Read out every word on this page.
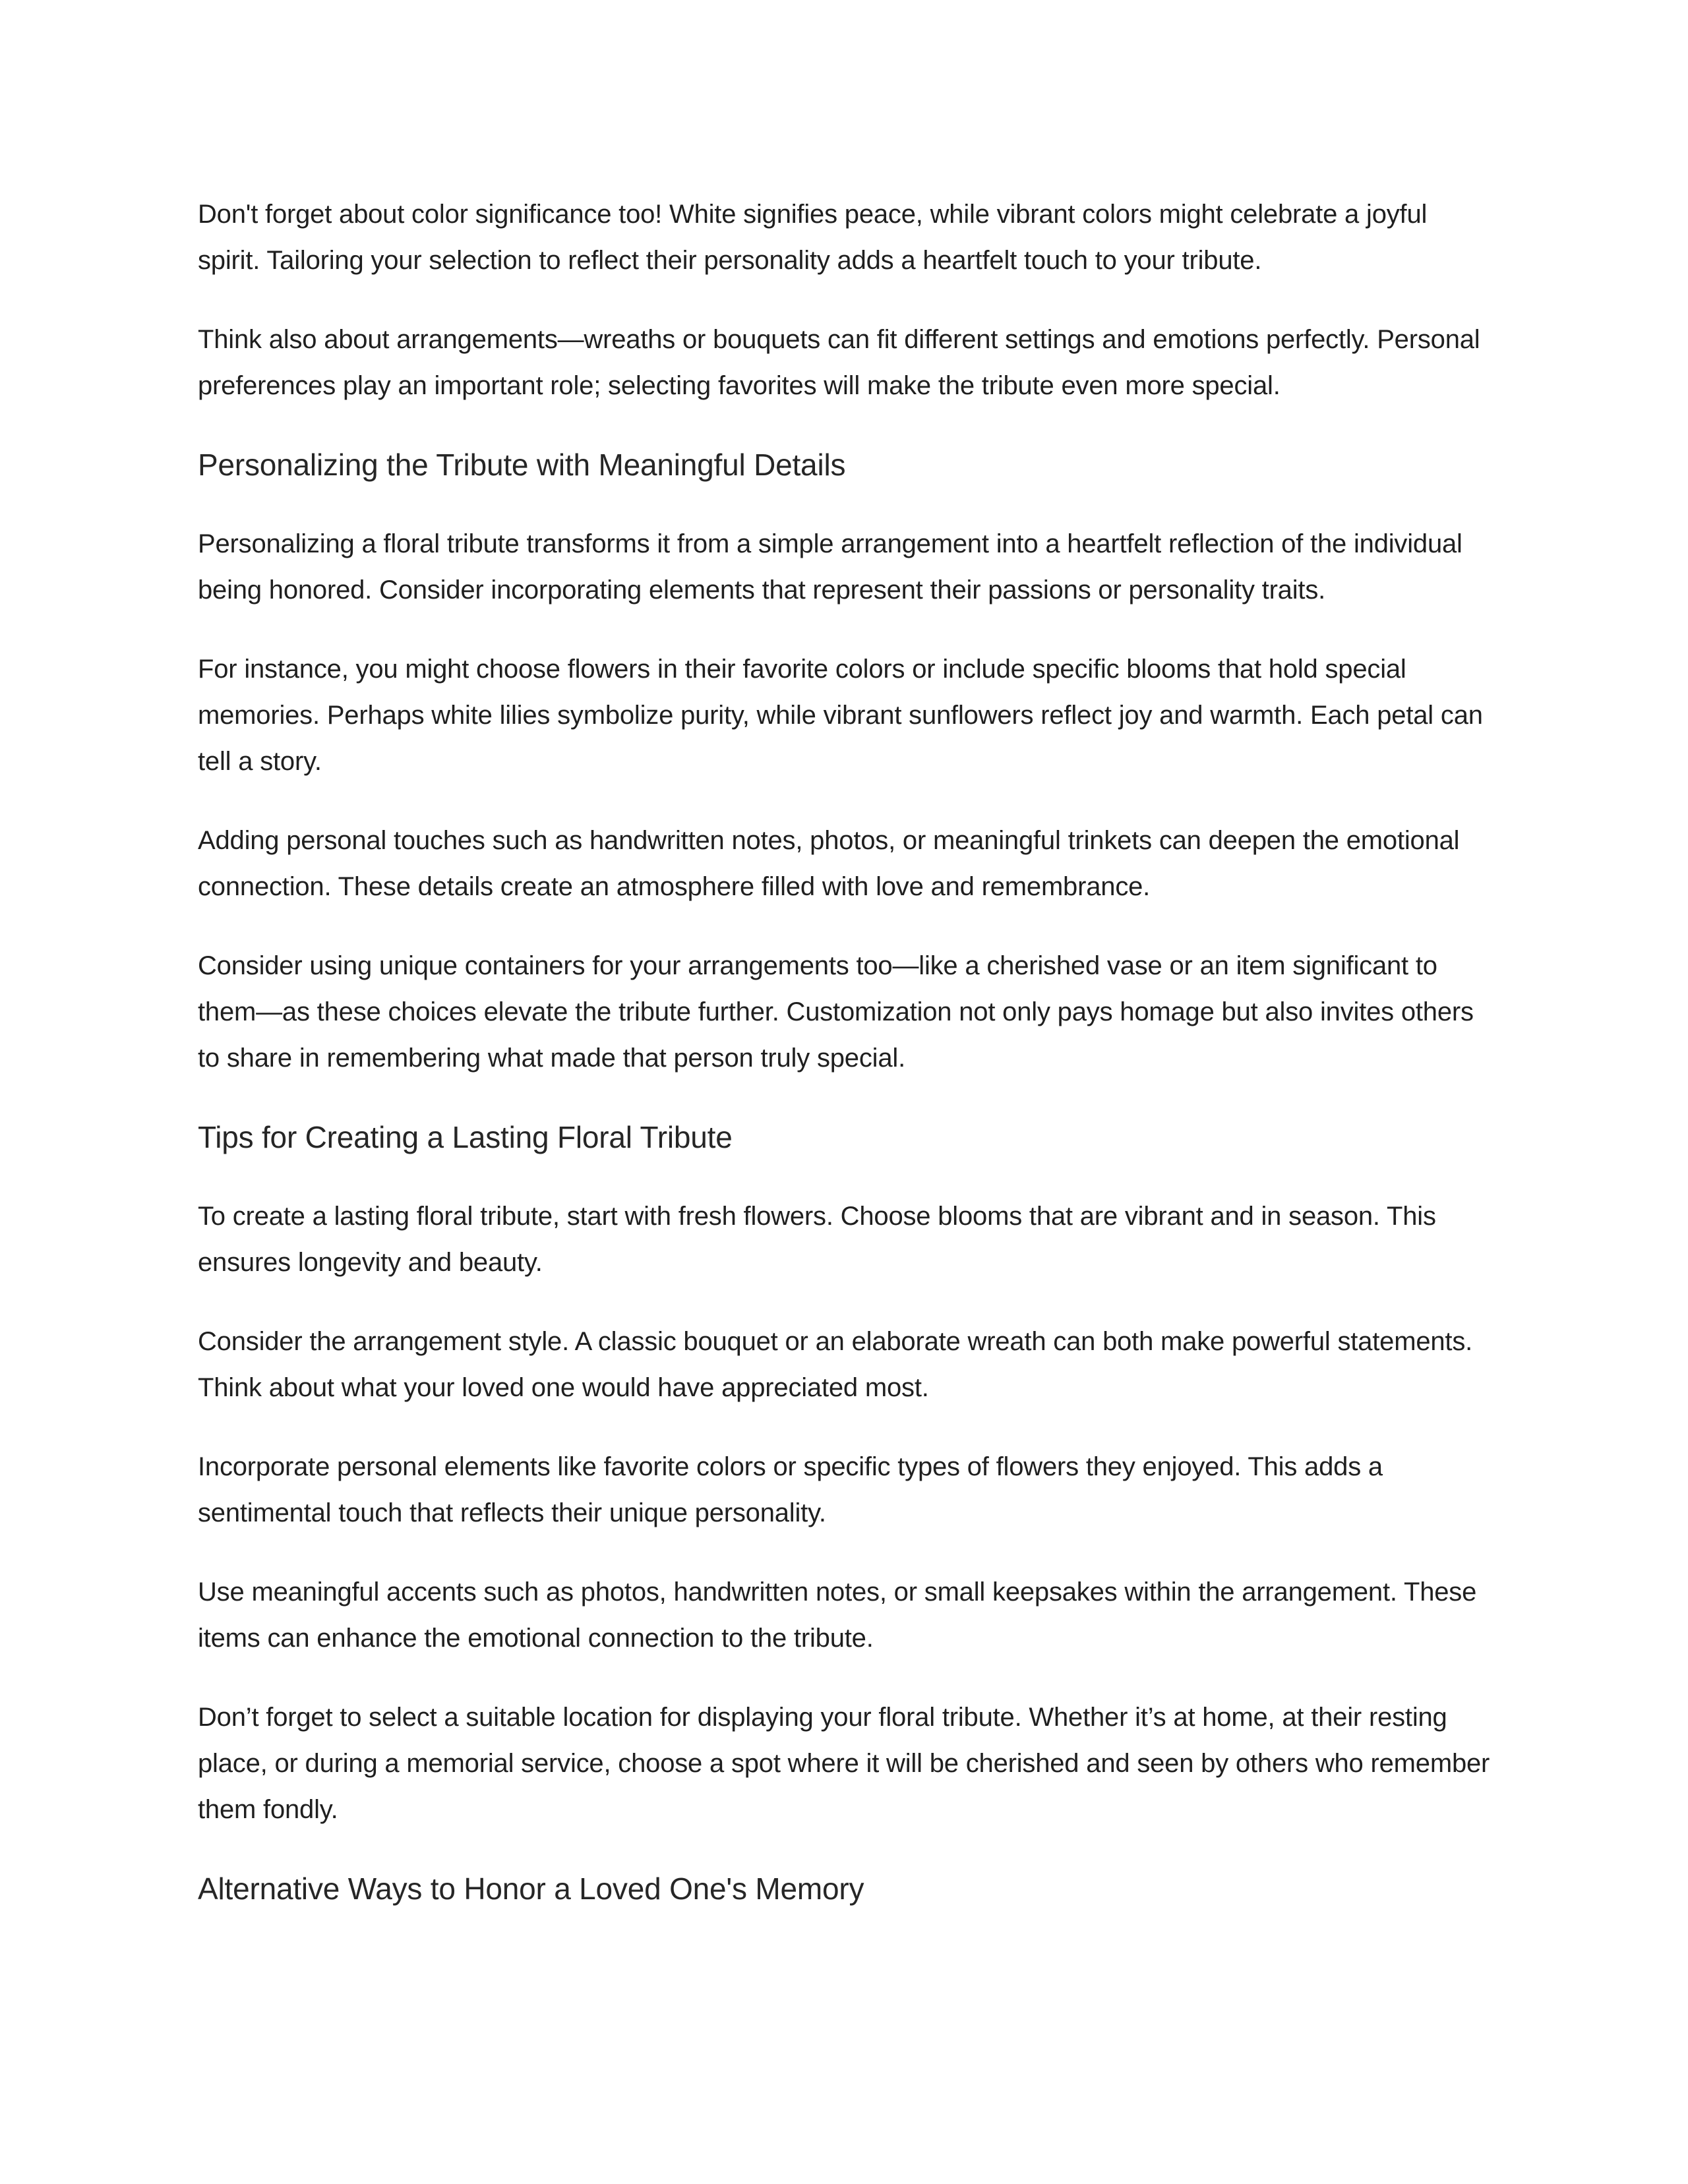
Don't forget about color significance too! White signifies peace, while vibrant colors might celebrate a joyful spirit. Tailoring your selection to reflect their personality adds a heartfelt touch to your tribute.

Think also about arrangements—wreaths or bouquets can fit different settings and emotions perfectly. Personal preferences play an important role; selecting favorites will make the tribute even more special.

Personalizing the Tribute with Meaningful Details

Personalizing a floral tribute transforms it from a simple arrangement into a heartfelt reflection of the individual being honored. Consider incorporating elements that represent their passions or personality traits.

For instance, you might choose flowers in their favorite colors or include specific blooms that hold special memories. Perhaps white lilies symbolize purity, while vibrant sunflowers reflect joy and warmth. Each petal can tell a story.

Adding personal touches such as handwritten notes, photos, or meaningful trinkets can deepen the emotional connection. These details create an atmosphere filled with love and remembrance.

Consider using unique containers for your arrangements too—like a cherished vase or an item significant to them—as these choices elevate the tribute further. Customization not only pays homage but also invites others to share in remembering what made that person truly special.

Tips for Creating a Lasting Floral Tribute

To create a lasting floral tribute, start with fresh flowers. Choose blooms that are vibrant and in season. This ensures longevity and beauty.

Consider the arrangement style. A classic bouquet or an elaborate wreath can both make powerful statements. Think about what your loved one would have appreciated most.

Incorporate personal elements like favorite colors or specific types of flowers they enjoyed. This adds a sentimental touch that reflects their unique personality.

Use meaningful accents such as photos, handwritten notes, or small keepsakes within the arrangement. These items can enhance the emotional connection to the tribute.

Don’t forget to select a suitable location for displaying your floral tribute. Whether it’s at home, at their resting place, or during a memorial service, choose a spot where it will be cherished and seen by others who remember them fondly.

Alternative Ways to Honor a Loved One's Memory
